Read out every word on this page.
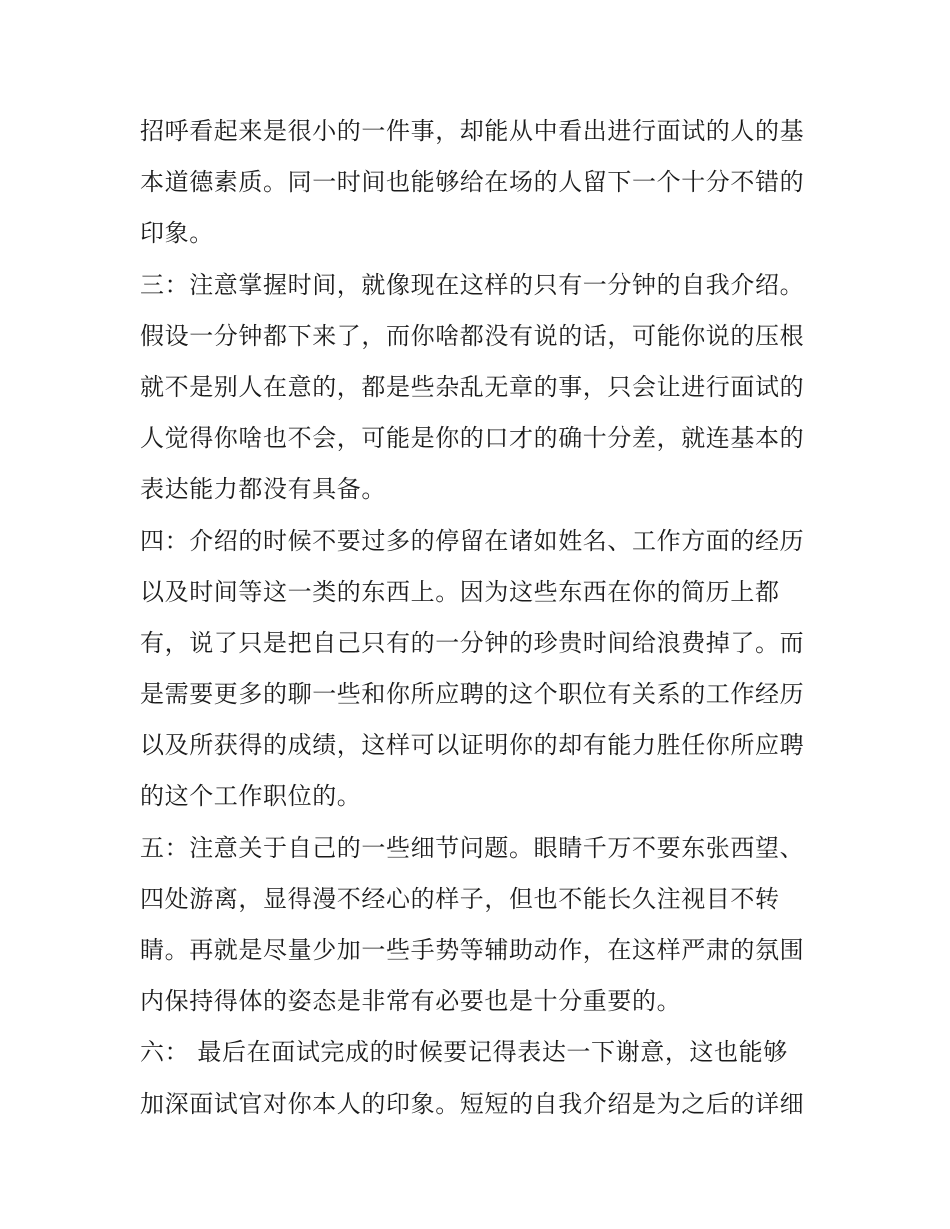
招呼看起来是很小的一件事，却能从中看出进行面试的人的基
本道德素质。同一时间也能够给在场的人留下一个十分不错的
印象。
三：注意掌握时间，就像现在这样的只有一分钟的自我介绍。
假设一分钟都下来了，而你啥都没有说的话，可能你说的压根
就不是别人在意的，都是些杂乱无章的事，只会让进行面试的
人觉得你啥也不会，可能是你的口才的确十分差，就连基本的
表达能力都没有具备。
四：介绍的时候不要过多的停留在诸如姓名、工作方面的经历
以及时间等这一类的东西上。因为这些东西在你的简历上都
有，说了只是把自己只有的一分钟的珍贵时间给浪费掉了。而
是需要更多的聊一些和你所应聘的这个职位有关系的工作经历
以及所获得的成绩，这样可以证明你的却有能力胜任你所应聘
的这个工作职位的。
五：注意关于自己的一些细节问题。眼睛千万不要东张西望、
四处游离，显得漫不经心的样子，但也不能长久注视目不转
睛。再就是尽量少加一些手势等辅助动作，在这样严肃的氛围
内保持得体的姿态是非常有必要也是十分重要的。
六： 最后在面试完成的时候要记得表达一下谢意，这也能够
加深面试官对你本人的印象。短短的自我介绍是为之后的详细
